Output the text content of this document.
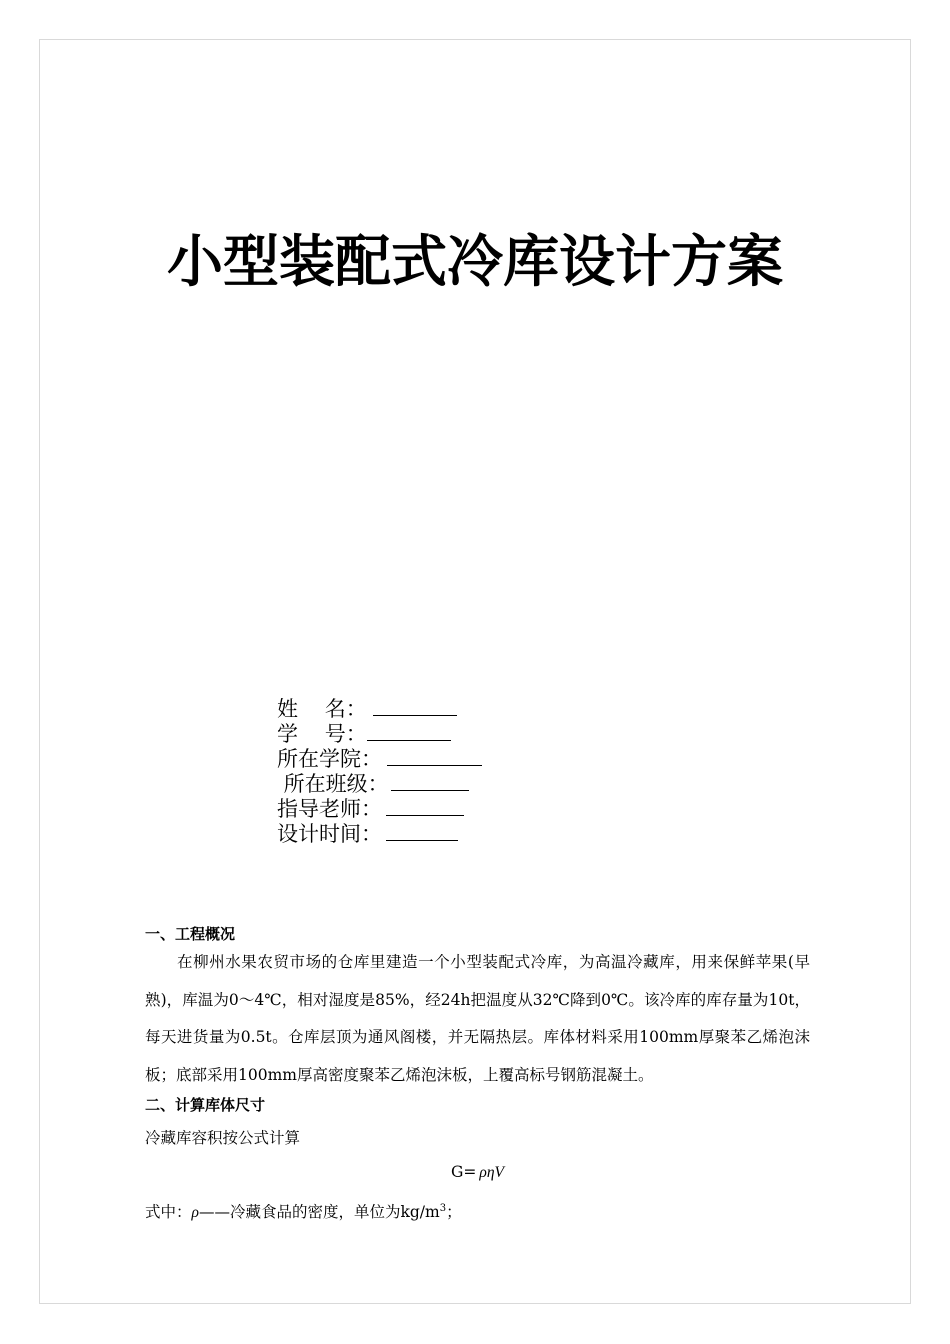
小型装配式冷库设计方案
姓    名：
学    号：
所在学院：
所在班级：
指导老师：
设计时间：
一、工程概况
在柳州水果农贸市场的仓库里建造一个小型装配式冷库，为高温冷藏库，用来保鲜苹果(早熟)，库温为0～4℃，相对湿度是85%，经24h把温度从32℃降到0℃。该冷库的库存量为10t，每天进货量为0.5t。仓库层顶为通风阁楼，并无隔热层。库体材料采用100mm厚聚苯乙烯泡沫板；底部采用100mm厚高密度聚苯乙烯泡沫板，上覆高标号钢筋混凝土。
二、计算库体尺寸
冷藏库容积按公式计算
G= ρηV
式中：ρ——冷藏食品的密度，单位为$kg/m^3$；
